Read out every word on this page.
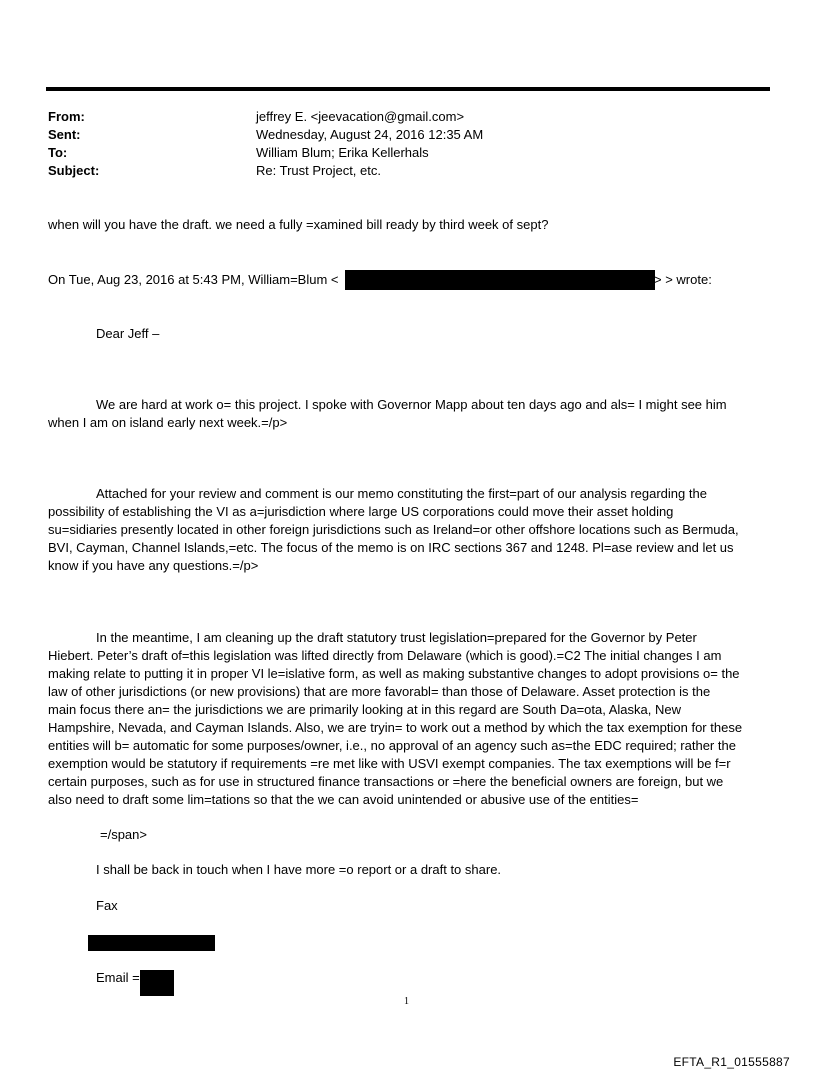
From:	jeffrey E. <jeevacation@gmail.com>
Sent:	Wednesday, August 24, 2016 12:35 AM
To:	William Blum; Erika Kellerhals
Subject:	Re: Trust Project, etc.
when will you have the draft. we need a fully =xamined bill ready by third week of sept?
On Tue, Aug 23, 2016 at 5:43 PM, William=Blum <	> > wrote:
Dear Jeff –
We are hard at work o= this project. I spoke with Governor Mapp about ten days ago and als= I might see him
when I am on island early next week.=/p>
Attached for your review and comment is our memo constituting the first=part of our analysis regarding the
possibility of establishing the VI as a=jurisdiction where large US corporations could move their asset holding
su=sidiaries presently located in other foreign jurisdictions such as Ireland=or other offshore locations such as Bermuda,
BVI, Cayman, Channel Islands,=etc. The focus of the memo is on IRC sections 367 and 1248. Pl=ase review and let us
know if you have any questions.=/p>
In the meantime, I am cleaning up the draft statutory trust legislation=prepared for the Governor by Peter
Hiebert. Peter’s draft of=this legislation was lifted directly from Delaware (which is good).=C2 The initial changes I am
making relate to putting it in proper VI le=islative form, as well as making substantive changes to adopt provisions o= the
law of other jurisdictions (or new provisions) that are more favorabl= than those of Delaware. Asset protection is the
main focus there an= the jurisdictions we are primarily looking at in this regard are South Da=ota, Alaska, New
Hampshire, Nevada, and Cayman Islands. Also, we are tryin= to work out a method by which the tax exemption for these
entities will b= automatic for some purposes/owner, i.e., no approval of an agency such as=the EDC required; rather the
exemption would be statutory if requirements =re met like with USVI exempt companies. The tax exemptions will be f=r
certain purposes, such as for use in structured finance transactions or =here the beneficial owners are foreign, but we
also need to draft some lim=tations so that the we can avoid unintended or abusive use of the entities=
=/span>
I shall be back in touch when I have more =o report or a draft to share.
Fax
Email =
1
EFTA_R1_01555887
